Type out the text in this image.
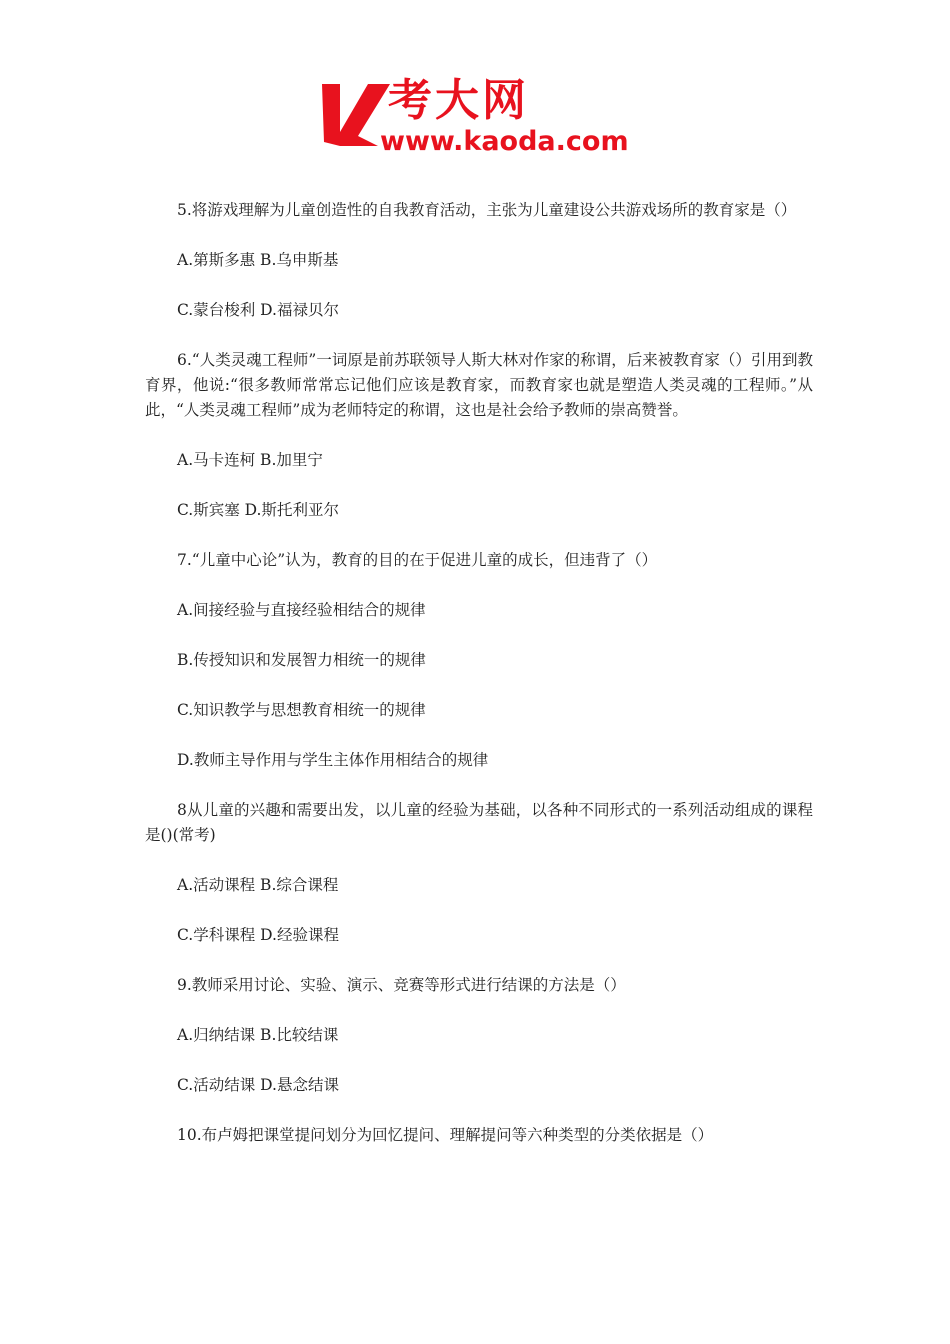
考大网
www.kaoda.com

5.将游戏理解为儿童创造性的自我教育活动，主张为儿童建设公共游戏场所的教育家是（）

A.第斯多惠 B.乌申斯基

C.蒙台梭利 D.福禄贝尔

6.“人类灵魂工程师”一词原是前苏联领导人斯大林对作家的称谓，后来被教育家（）引用到教育界，他说:“很多教师常常忘记他们应该是教育家，而教育家也就是塑造人类灵魂的工程师。”从此，“人类灵魂工程师”成为老师特定的称谓，这也是社会给予教师的崇高赞誉。

A.马卡连柯 B.加里宁

C.斯宾塞 D.斯托利亚尔

7.“儿童中心论”认为，教育的目的在于促进儿童的成长，但违背了（）

A.间接经验与直接经验相结合的规律

B.传授知识和发展智力相统一的规律

C.知识教学与思想教育相统一的规律

D.教师主导作用与学生主体作用相结合的规律

8从儿童的兴趣和需要出发，以儿童的经验为基础，以各种不同形式的一系列活动组成的课程是()(常考)

A.活动课程 B.综合课程

C.学科课程 D.经验课程

9.教师采用讨论、实验、演示、竞赛等形式进行结课的方法是（）

A.归纳结课 B.比较结课

C.活动结课 D.悬念结课

10.布卢姆把课堂提问划分为回忆提问、理解提问等六种类型的分类依据是（）
